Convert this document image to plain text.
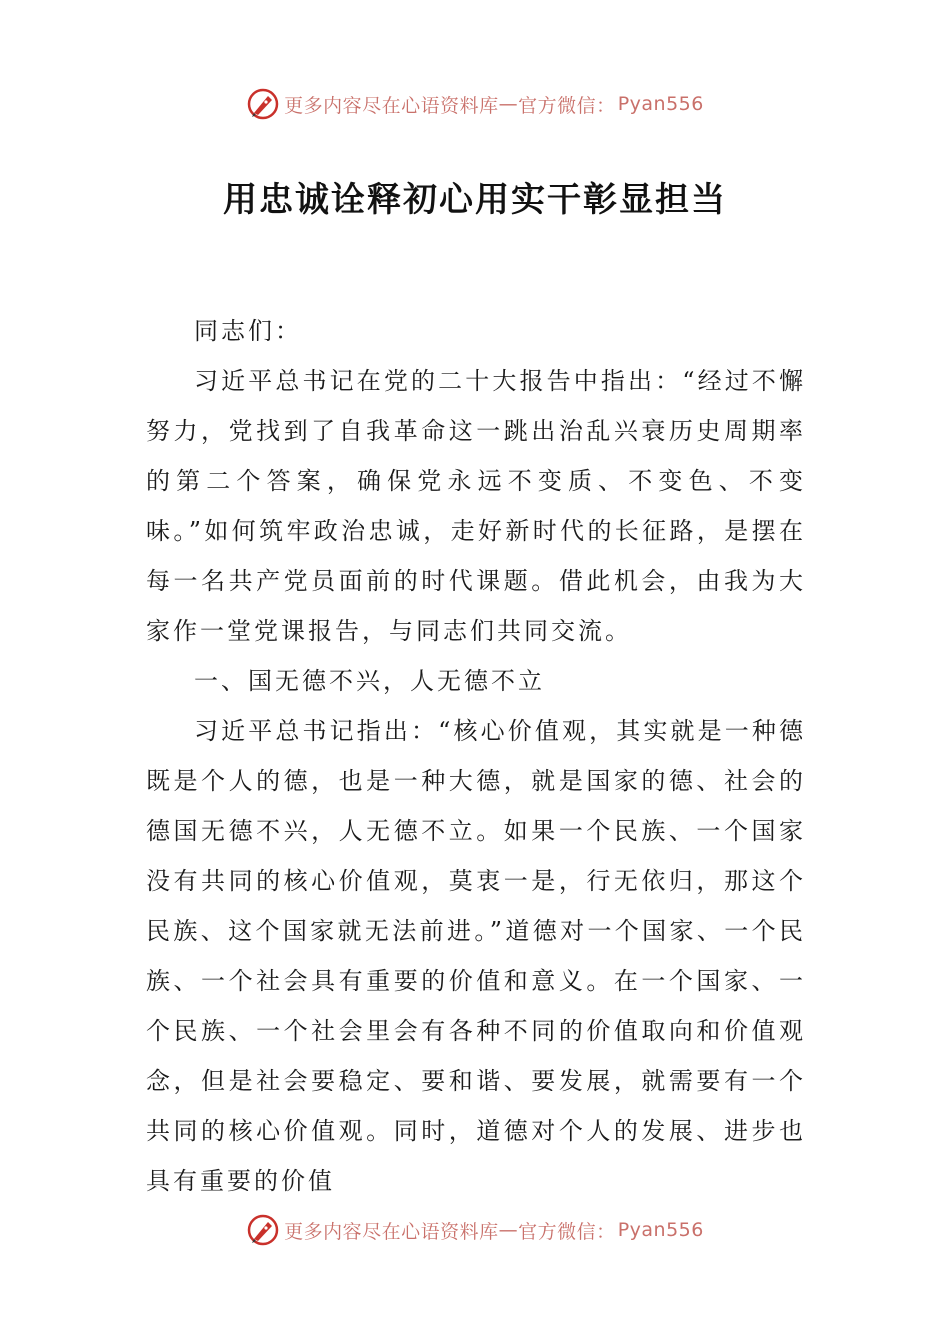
更多内容尽在心语资料库 — 官方微信： Pyan556
用忠诚诠释初心用实干彰显担当

同志们：

习近平总书记在党的二十大报告中指出：“经过不懈努力，党找到了自我革命这一跳出治乱兴衰历史周期率的第二个答案，确保党永远不变质、不变色、不变味。”如何筑牢政治忠诚，走好新时代的长征路，是摆在每一名共产党员面前的时代课题。借此机会，由我为大家作一堂党课报告，与同志们共同交流。

一、国无德不兴，人无德不立

习近平总书记指出：“核心价值观，其实就是一种德既是个人的德，也是一种大德，就是国家的德、社会的德国无德不兴，人无德不立。如果一个民族、一个国家没有共同的核心价值观，莫衷一是，行无依归，那这个民族、这个国家就无法前进。”道德对一个国家、一个民族、一个社会具有重要的价值和意义。在一个国家、一个民族、一个社会里会有各种不同的价值取向和价值观念，但是社会要稳定、要和谐、要发展，就需要有一个共同的核心价值观。同时，道德对个人的发展、进步也具有重要的价值

更多内容尽在心语资料库 — 官方微信： Pyan556
